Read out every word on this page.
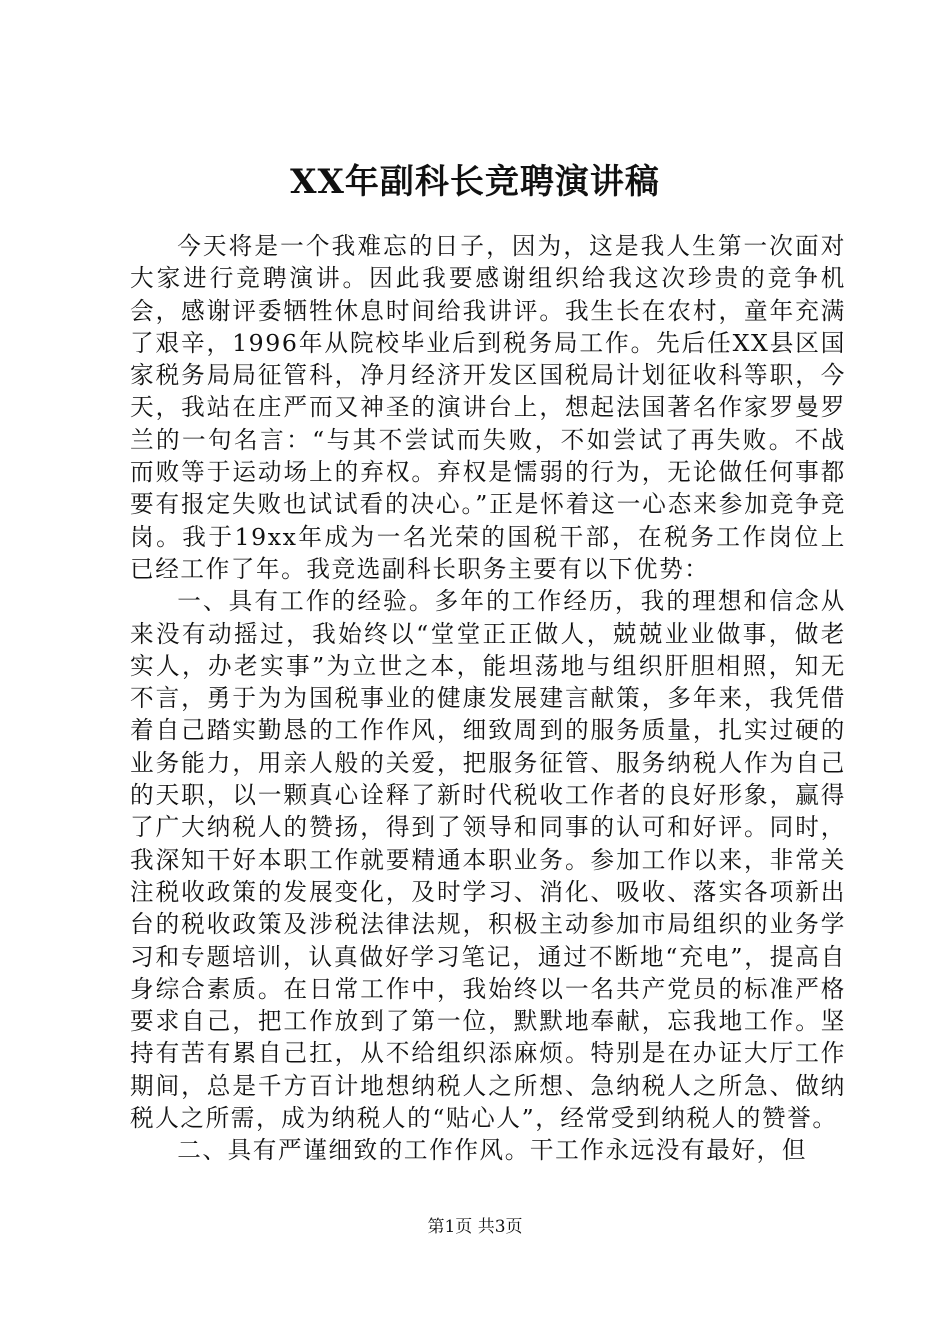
XX年副科长竞聘演讲稿

今天将是一个我难忘的日子，因为，这是我人生第一次面对大家进行竞聘演讲。因此我要感谢组织给我这次珍贵的竞争机会，感谢评委牺牲休息时间给我讲评。我生长在农村，童年充满了艰辛，1996年从院校毕业后到税务局工作。先后任XX县区国家税务局局征管科，净月经济开发区国税局计划征收科等职，今天，我站在庄严而又神圣的演讲台上，想起法国著名作家罗曼罗兰的一句名言：“与其不尝试而失败，不如尝试了再失败。不战而败等于运动场上的弃权。弃权是懦弱的行为，无论做任何事都要有报定失败也试试看的决心。”正是怀着这一心态来参加竞争竞岗。我于19xx年成为一名光荣的国税干部，在税务工作岗位上已经工作了年。我竞选副科长职务主要有以下优势：

一、具有工作的经验。多年的工作经历，我的理想和信念从来没有动摇过，我始终以“堂堂正正做人，兢兢业业做事，做老实人，办老实事”为立世之本，能坦荡地与组织肝胆相照，知无不言，勇于为为国税事业的健康发展建言献策，多年来，我凭借着自己踏实勤恳的工作作风，细致周到的服务质量，扎实过硬的业务能力，用亲人般的关爱，把服务征管、服务纳税人作为自己的天职，以一颗真心诠释了新时代税收工作者的良好形象，赢得了广大纳税人的赞扬，得到了领导和同事的认可和好评。同时，我深知干好本职工作就要精通本职业务。参加工作以来，非常关注税收政策的发展变化，及时学习、消化、吸收、落实各项新出台的税收政策及涉税法律法规，积极主动参加市局组织的业务学习和专题培训，认真做好学习笔记，通过不断地“充电”，提高自身综合素质。在日常工作中，我始终以一名共产党员的标准严格要求自己，把工作放到了第一位，默默地奉献，忘我地工作。坚持有苦有累自己扛，从不给组织添麻烦。特别是在办证大厅工作期间，总是千方百计地想纳税人之所想、急纳税人之所急、做纳税人之所需，成为纳税人的“贴心人”，经常受到纳税人的赞誉。

二、具有严谨细致的工作作风。干工作永远没有最好，但

第1页 共3页
